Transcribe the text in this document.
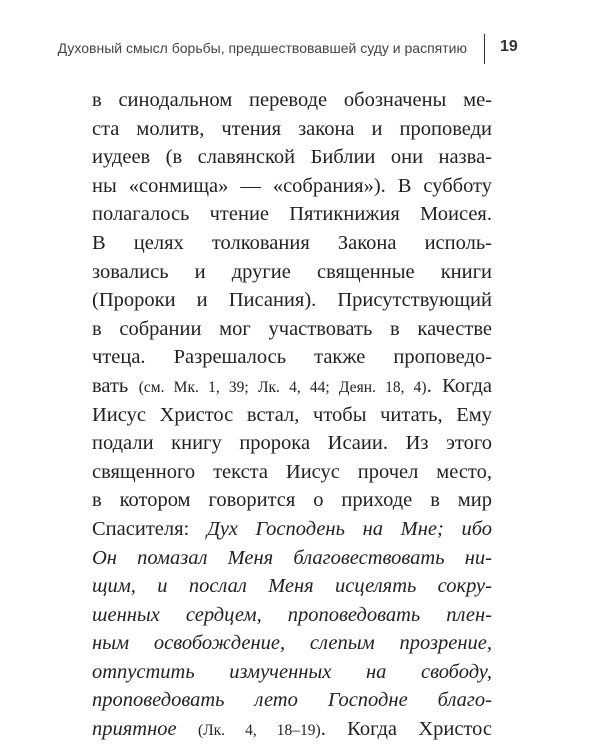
Духовный смысл борьбы, предшествовавшей суду и распятию 19
в синодальном переводе обозначены ме-
ста молитв, чтения закона и проповеди
иудеев (в славянской Библии они назва-
ны «сонмища» — «собрания»). В субботу
полагалось чтение Пятикнижия Моисея.
В целях толкования Закона исполь-
зовались и другие священные книги
(Пророки и Писания). Присутствующий
в собрании мог участвовать в качестве
чтеца. Разрешалось также проповедо-
вать (см. Мк. 1, 39; Лк. 4, 44; Деян. 18, 4). Когда
Иисус Христос встал, чтобы читать, Ему
подали книгу пророка Исаии. Из этого
священного текста Иисус прочел место,
в котором говорится о приходе в мир
Спасителя: Дух Господень на Мне; ибо
Он помазал Меня благовествовать ни-
щим, и послал Меня исцелять сокру-
шенных сердцем, проповедовать плен-
ным освобождение, слепым прозрение,
отпустить измученных на свободу,
проповедовать лето Господне благо-
приятное (Лк. 4, 18–19). Когда Христос
